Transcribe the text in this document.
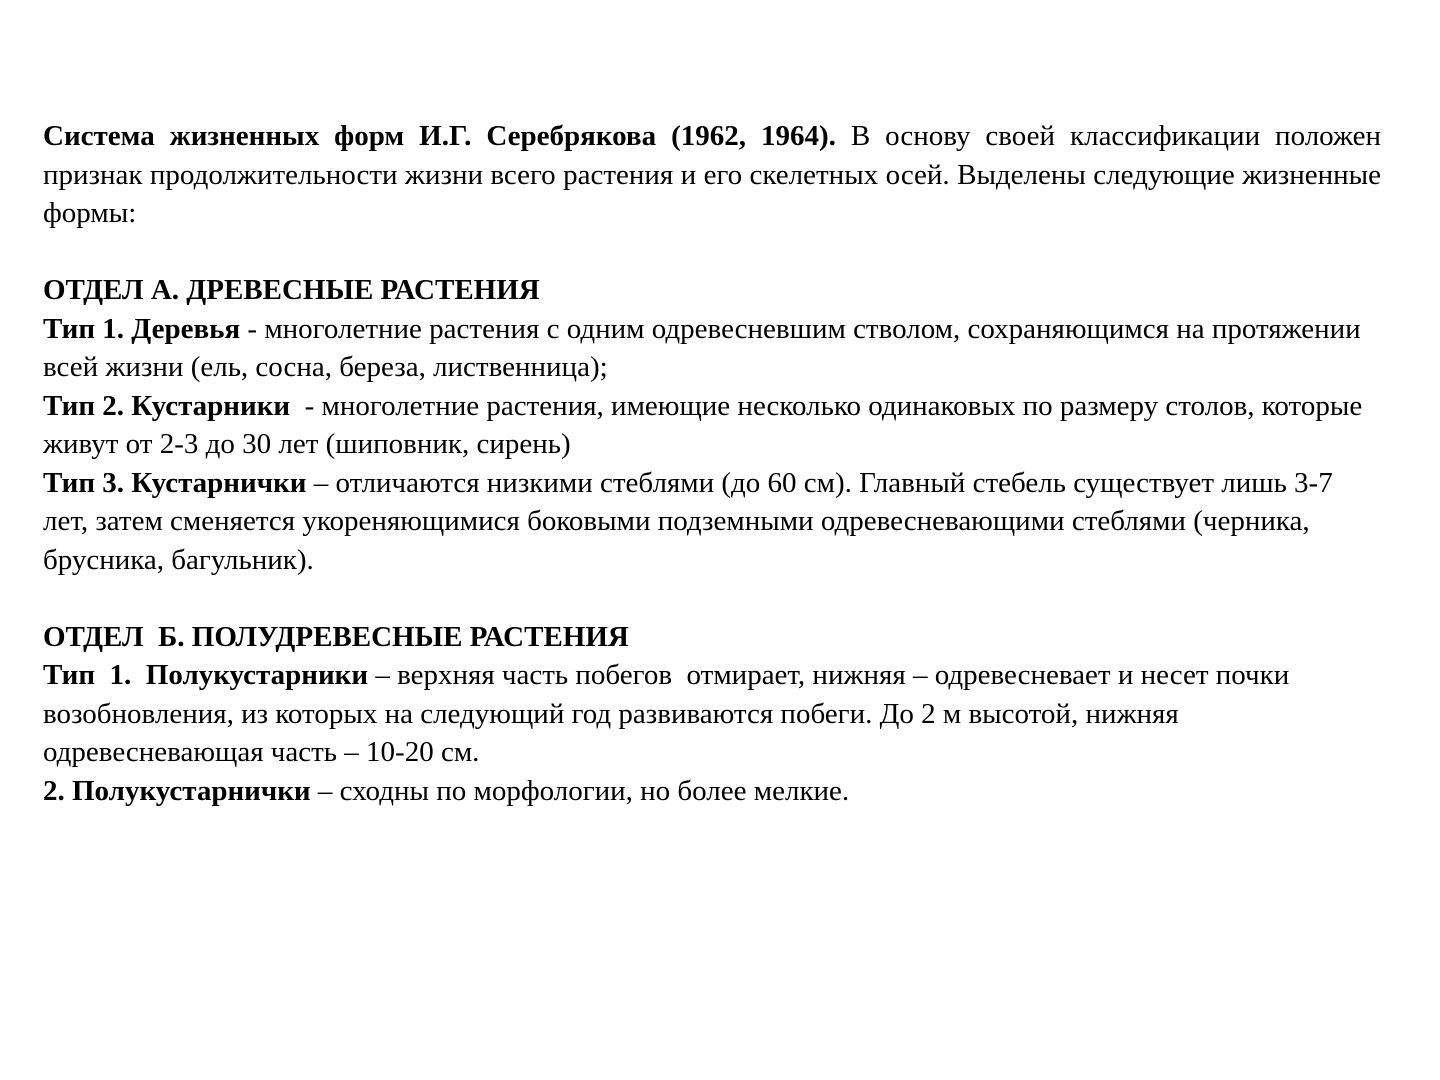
Система жизненных форм И.Г. Серебрякова (1962, 1964). В основу своей классификации положен признак продолжительности жизни всего растения и его скелетных осей. Выделены следующие жизненные формы:

ОТДЕЛ А. ДРЕВЕСНЫЕ РАСТЕНИЯ

Тип 1. Деревья - многолетние растения с одним одревесневшим стволом, сохраняющимся на протяжении всей жизни (ель, сосна, береза, лиственница);

Тип 2. Кустарники  - многолетние растения, имеющие несколько одинаковых по размеру столов, которые живут от 2-3 до 30 лет (шиповник, сирень)

Тип 3. Кустарнички – отличаются низкими стеблями (до 60 см). Главный стебель существует лишь 3-7 лет, затем сменяется укореняющимися боковыми подземными одревесневающими стеблями (черника, брусника, багульник).

ОТДЕЛ  Б. ПОЛУДРЕВЕСНЫЕ РАСТЕНИЯ

Тип  1.  Полукустарники – верхняя часть побегов  отмирает, нижняя – одревесневает и несет почки возобновления, из которых на следующий год развиваются побеги. До 2 м высотой, нижняя одревесневающая часть – 10-20 см.

2. Полукустарнички – сходны по морфологии, но более мелкие.
